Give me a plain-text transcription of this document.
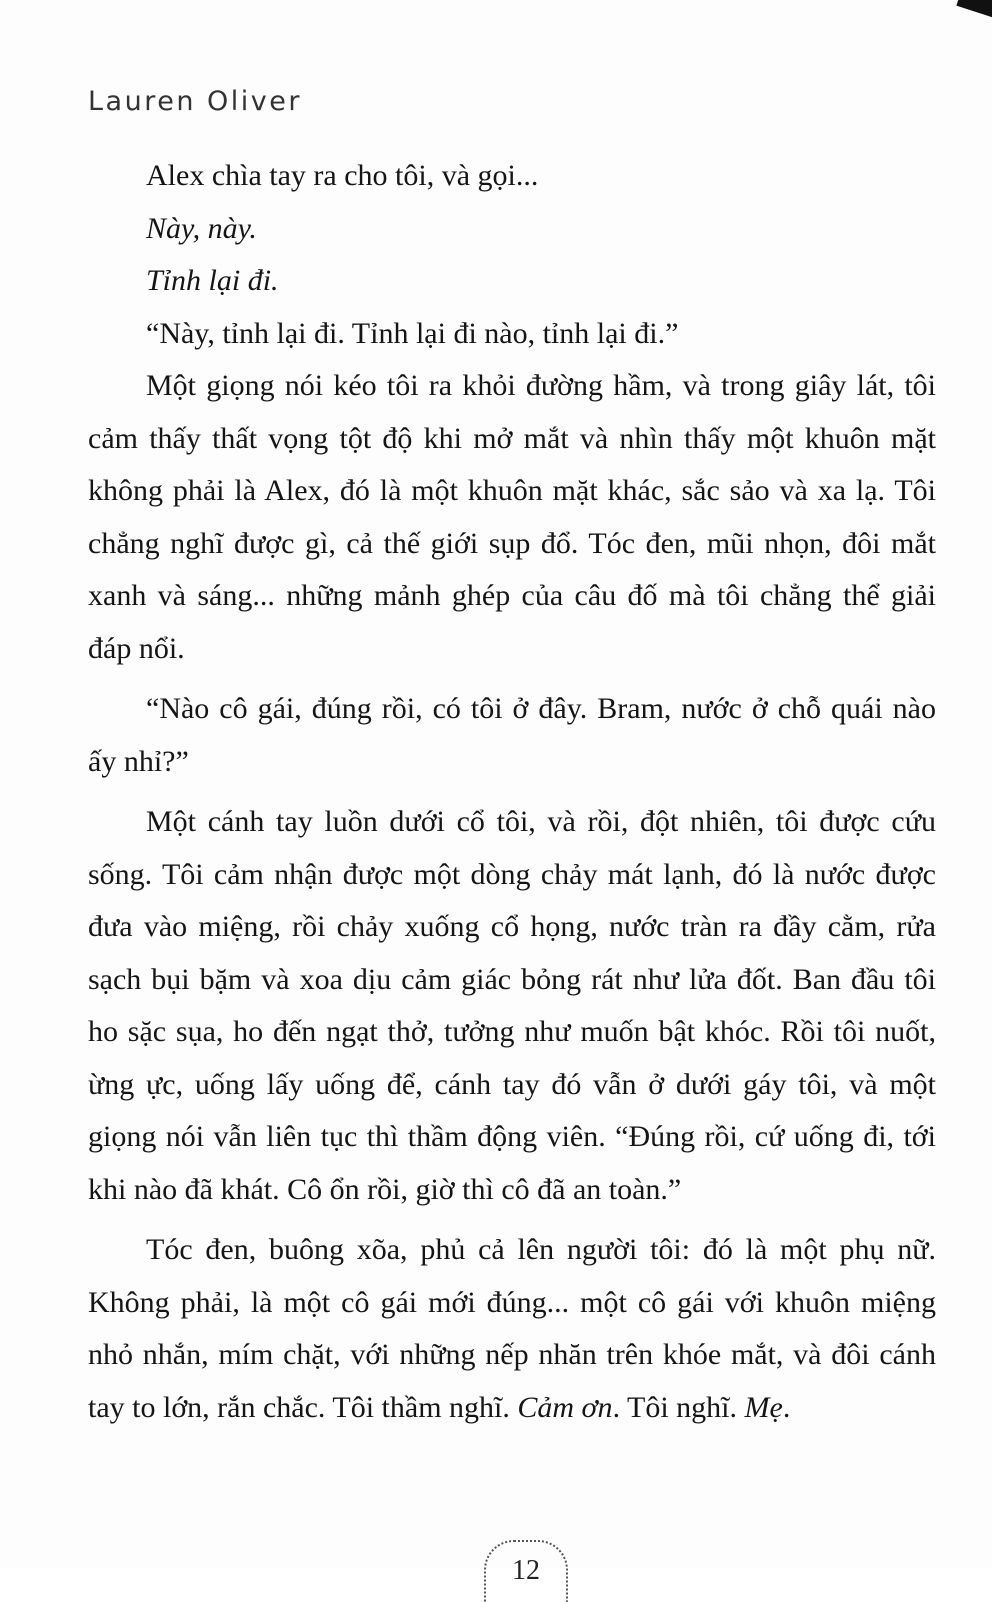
Lauren Oliver

Alex chìa tay ra cho tôi, và gọi...

Này, này.

Tỉnh lại đi.

“Này, tỉnh lại đi. Tỉnh lại đi nào, tỉnh lại đi.”

Một giọng nói kéo tôi ra khỏi đường hầm, và trong giây lát, tôi cảm thấy thất vọng tột độ khi mở mắt và nhìn thấy một khuôn mặt không phải là Alex, đó là một khuôn mặt khác, sắc sảo và xa lạ. Tôi chẳng nghĩ được gì, cả thế giới sụp đổ. Tóc đen, mũi nhọn, đôi mắt xanh và sáng... những mảnh ghép của câu đố mà tôi chẳng thể giải đáp nổi.

“Nào cô gái, đúng rồi, có tôi ở đây. Bram, nước ở chỗ quái nào ấy nhỉ?”

Một cánh tay luồn dưới cổ tôi, và rồi, đột nhiên, tôi được cứu sống. Tôi cảm nhận được một dòng chảy mát lạnh, đó là nước được đưa vào miệng, rồi chảy xuống cổ họng, nước tràn ra đầy cằm, rửa sạch bụi bặm và xoa dịu cảm giác bỏng rát như lửa đốt. Ban đầu tôi ho sặc sụa, ho đến ngạt thở, tưởng như muốn bật khóc. Rồi tôi nuốt, ừng ực, uống lấy uống để, cánh tay đó vẫn ở dưới gáy tôi, và một giọng nói vẫn liên tục thì thầm động viên. “Đúng rồi, cứ uống đi, tới khi nào đã khát. Cô ổn rồi, giờ thì cô đã an toàn.”

Tóc đen, buông xõa, phủ cả lên người tôi: đó là một phụ nữ. Không phải, là một cô gái mới đúng... một cô gái với khuôn miệng nhỏ nhắn, mím chặt, với những nếp nhăn trên khóe mắt, và đôi cánh tay to lớn, rắn chắc. Tôi thầm nghĩ. Cảm ơn. Tôi nghĩ. Mẹ.

12
